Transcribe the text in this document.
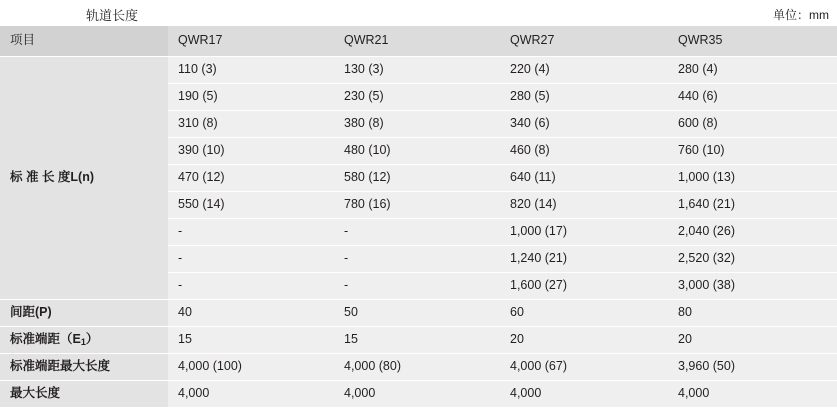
轨道长度	单位：mm
项目	QWR17	QWR21	QWR27	QWR35
标 准 长 度L(n)	110 (3)	130 (3)	220 (4)	280 (4)
	190 (5)	230 (5)	280 (5)	440 (6)
	310 (8)	380 (8)	340 (6)	600 (8)
	390 (10)	480 (10)	460 (8)	760 (10)
	470 (12)	580 (12)	640 (11)	1,000 (13)
	550 (14)	780 (16)	820 (14)	1,640 (21)
	-	-	1,000 (17)	2,040 (26)
	-	-	1,240 (21)	2,520 (32)
	-	-	1,600 (27)	3,000 (38)
间距(P)	40	50	60	80
标准端距$(E_1)$	15	15	20	20
标准端距最大长度	4,000 (100)	4,000 (80)	4,000 (67)	3,960 (50)
最大长度	4,000	4,000	4,000	4,000
